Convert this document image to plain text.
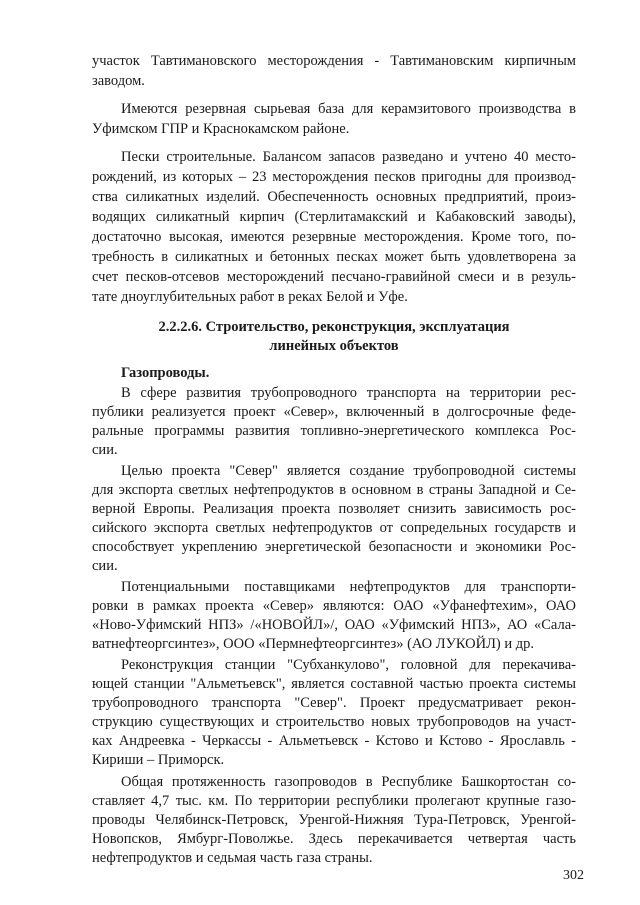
участок Тавтимановского месторождения - Тавтимановским кирпичным
заводом.
Имеются резервная сырьевая база для керамзитового производства в
Уфимском ГПР и Краснокамском районе.
Пески строительные. Балансом запасов разведано и учтено 40 место-
рождений, из которых – 23 месторождения песков пригодны для производ-
ства силикатных изделий. Обеспеченность основных предприятий, произ-
водящих силикатный кирпич (Стерлитамакский и Кабаковский заводы),
достаточно высокая, имеются резервные месторождения. Кроме того, по-
требность в силикатных и бетонных песках может быть удовлетворена за
счет песков-отсевов месторождений песчано-гравийной смеси и в резуль-
тате дноуглубительных работ в реках Белой и Уфе.
2.2.2.6. Строительство, реконструкция, эксплуатация
линейных объектов
Газопроводы.
В сфере развития трубопроводного транспорта на территории рес-
публики реализуется проект «Север», включенный в долгосрочные феде-
ральные программы развития топливно-энергетического комплекса Рос-
сии.
Целью проекта "Север" является создание трубопроводной системы
для экспорта светлых нефтепродуктов в основном в страны Западной и Се-
верной Европы. Реализация проекта позволяет снизить зависимость рос-
сийского экспорта светлых нефтепродуктов от сопредельных государств и
способствует укреплению энергетической безопасности и экономики Рос-
сии.
Потенциальными поставщиками нефтепродуктов для транспорти-
ровки в рамках проекта «Север» являются: ОАО «Уфанефтехим», ОАО
«Ново-Уфимский НПЗ» /«НОВОЙЛ»/, ОАО «Уфимский НПЗ», АО «Сала-
ватнефтеоргсинтез», ООО «Пермнефтеоргсинтез» (АО ЛУКОЙЛ) и др.
Реконструкция станции "Субханкулово", головной для перекачива-
ющей станции "Альметьевск", является составной частью проекта системы
трубопроводного транспорта "Север". Проект предусматривает рекон-
струкцию существующих и строительство новых трубопроводов на участ-
ках Андреевка - Черкассы - Альметьевск - Кстово и Кстово - Ярославль -
Кириши – Приморск.
Общая протяженность газопроводов в Республике Башкортостан со-
ставляет 4,7 тыс. км. По территории республики пролегают крупные газо-
проводы Челябинск-Петровск, Уренгой-Нижняя Тура-Петровск, Уренгой-
Новопсков, Ямбург-Поволжье. Здесь перекачивается четвертая часть
нефтепродуктов и седьмая часть газа страны.
302
